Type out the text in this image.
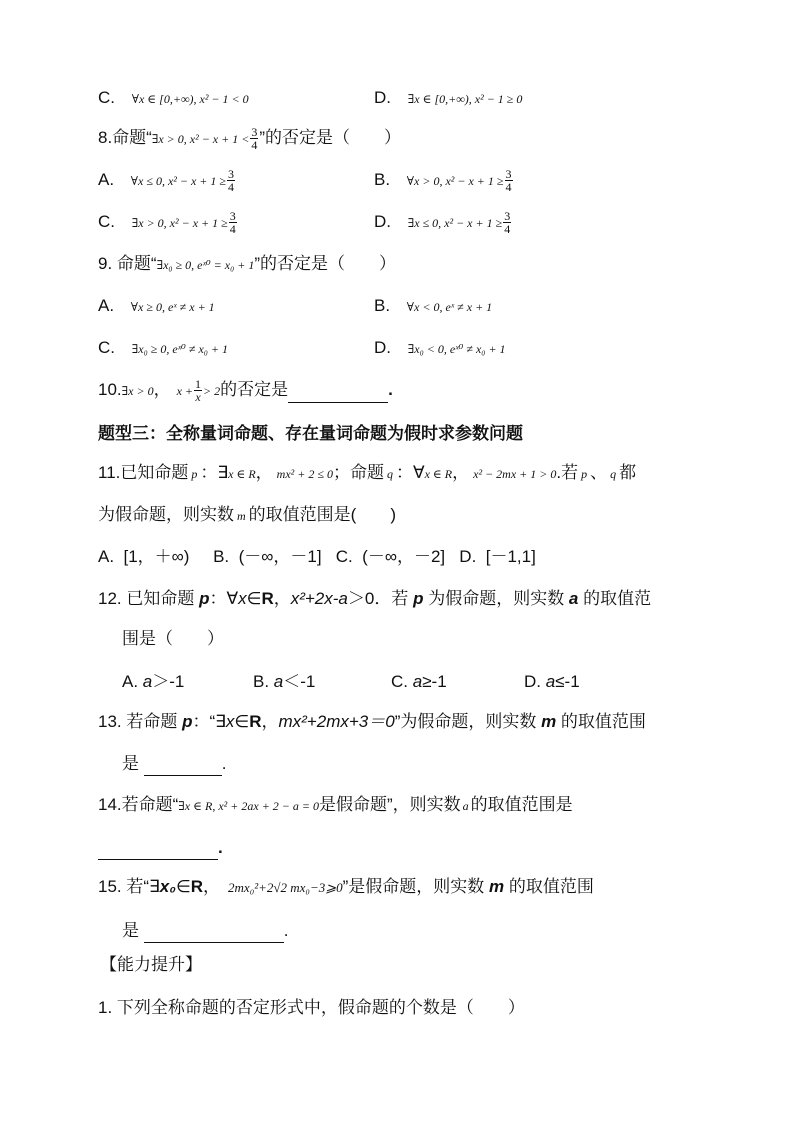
C. ∀x ∈ [0,+∞), x² − 1 < 0	D. ∃x ∈ [0,+∞), x² − 1 ≥ 0
8.命题“∃x > 0, $x^2 - x + 1 < \frac{3}{4}$ ”的否定是（　　）
A. ∀x ≤ 0, $x^2 - x + 1 \ge \frac{3}{4}$	B. ∀x > 0, $x^2 - x + 1 \ge \frac{3}{4}$
C. ∃x > 0, $x^2 - x + 1 \ge \frac{3}{4}$	D. ∃x ≤ 0, $x^2 - x + 1 \ge \frac{3}{4}$
9. 命题“∃x₀ ≥ 0, eˣ⁰ = x₀ + 1”的否定是（　　）
A. ∀x ≥ 0, eˣ ≠ x + 1	B. ∀x < 0, eˣ ≠ x + 1
C. ∃x₀ ≥ 0, eˣ⁰ ≠ x₀ + 1	D. ∃x₀ < 0, eˣ⁰ ≠ x₀ + 1
10.∃x > 0， $x + \frac{1}{x} > 2$的否定是	.
题型三：全称量词命题、存在量词命题为假时求参数问题
11.已知命题 p ：∃x ∈ R， mx² + 2 ≤ 0；命题 q ：∀x ∈ R， x² − 2mx + 1 > 0.若 p 、 q 都
为假命题，则实数 m 的取值范围是(　　)
A.  [1，＋∞)     B.  (－∞，－1]   C.  (－∞，－2]   D.  [－1,1]
12. 已知命题 p：∀x∈R，x²+2x-a＞0．若 p 为假命题，则实数 a 的取值范
围是（　　）
A. a＞-1	B. a＜-1	C. a≥-1	D. a≤-1
13. 若命题 p：“∃x∈R，mx²+2mx+3＝0”为假命题，则实数 m 的取值范围
是	.
14.若命题“∃x ∈ R, x² + 2ax + 2 − a = 0是假命题”，则实数 a 的取值范围是
.
15. 若“∃x₀∈R， 2mx₀²+2√2 mx₀−3⩾0”是假命题，则实数 m 的取值范围
是	.
【能力提升】
1. 下列全称命题的否定形式中，假命题的个数是（　　）
